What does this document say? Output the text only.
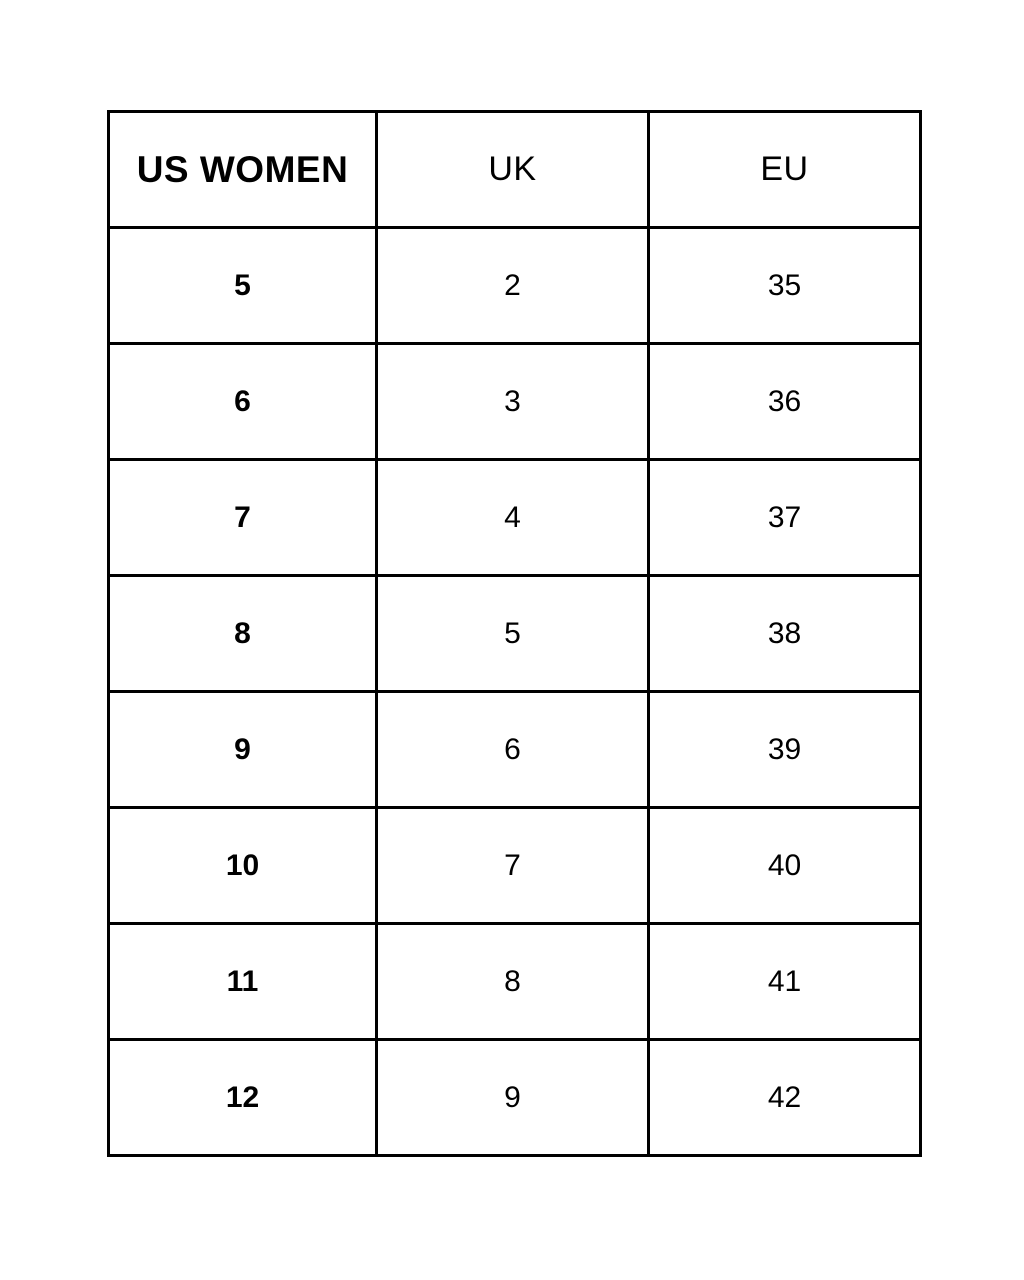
US WOMEN	UK	EU
5	2	35
6	3	36
7	4	37
8	5	38
9	6	39
10	7	40
11	8	41
12	9	42
